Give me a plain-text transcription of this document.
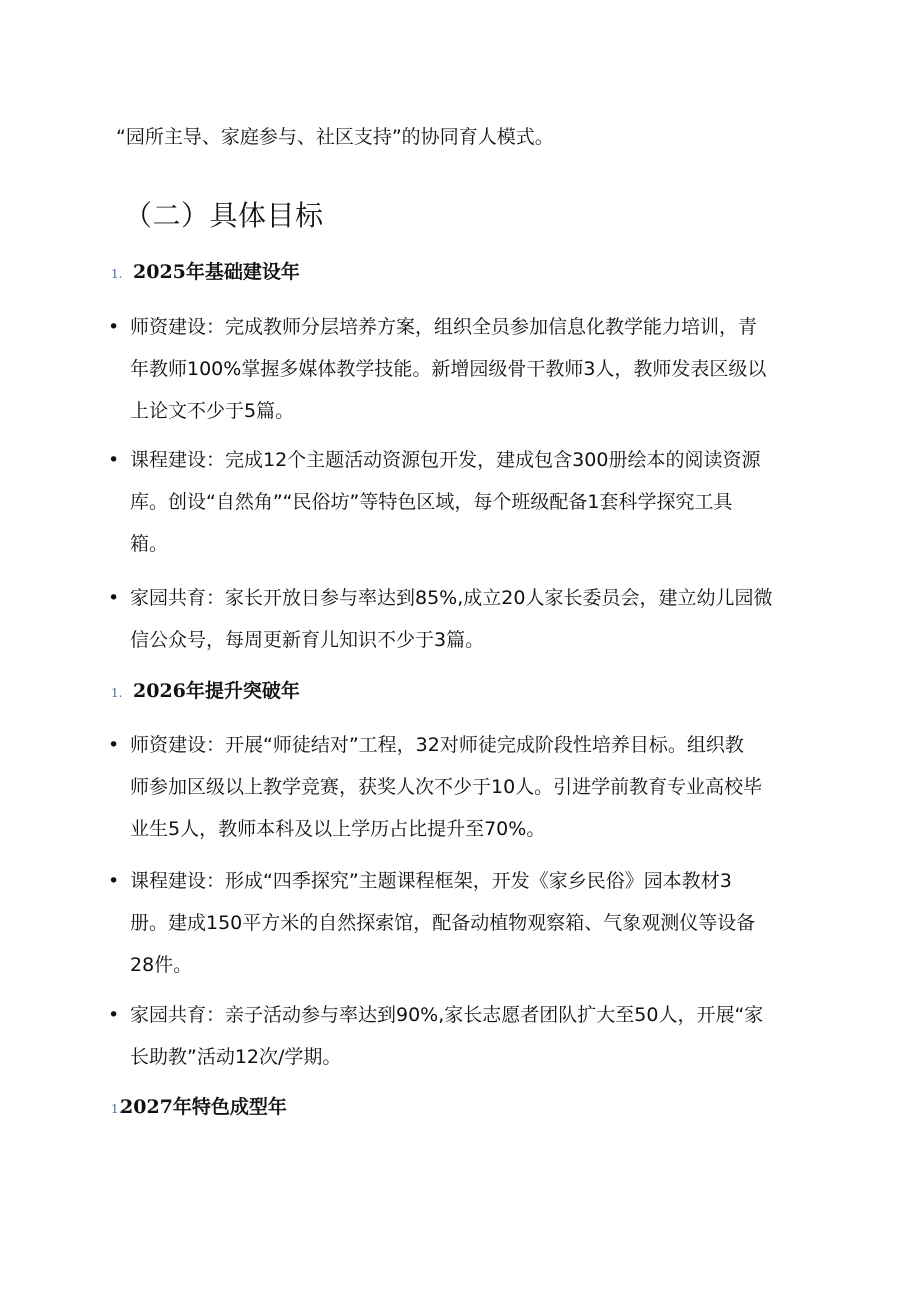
“园所主导、家庭参与、社区支持”的协同育人模式。
（二）具体目标
1. 2025年基础建设年
• 师资建设：完成教师分层培养方案，组织全员参加信息化教学能力培训，青
年教师100%掌握多媒体教学技能。新增园级骨干教师3人，教师发表区级以
上论文不少于5篇。
• 课程建设：完成12个主题活动资源包开发，建成包含300册绘本的阅读资源
库。创设“自然角”“民俗坊”等特色区域，每个班级配备1套科学探究工具
箱。
• 家园共育：家长开放日参与率达到85%,成立20人家长委员会，建立幼儿园微
信公众号，每周更新育儿知识不少于3篇。
1. 2026年提升突破年
• 师资建设：开展“师徒结对”工程，32对师徒完成阶段性培养目标。组织教
师参加区级以上教学竞赛，获奖人次不少于10人。引进学前教育专业高校毕
业生5人，教师本科及以上学历占比提升至70%。
• 课程建设：形成“四季探究”主题课程框架，开发《家乡民俗》园本教材3
册。建成150平方米的自然探索馆，配备动植物观察箱、气象观测仪等设备
28件。
• 家园共育：亲子活动参与率达到90%,家长志愿者团队扩大至50人，开展“家
长助教”活动12次/学期。
1.
2027年特色成型年
